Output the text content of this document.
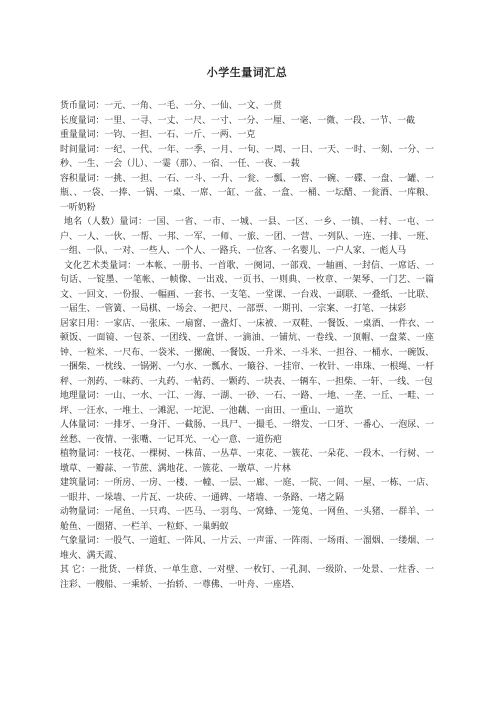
小学生量词汇总

货币量词：一元、一角、一毛、一分、一仙、一文、一贯

长度量词：一里、一寻、一丈、一尺、一寸、一分、一厘、一毫、一微、一段、一节、一截

重量量词：一钧、一担、一石、一斤、一两、一克

时间量词：一纪、一代、一年、一季、一月、一旬、一周、一日、一天、一时、一刻、一分、一秒、一生、一会（儿）、一霎（那）、一宿、一任、一夜、一载

容积量词：一挑、一担、一石、一斗、一升、一瓮、一瓢、一窖、一碗、一碟、一盘、一罐、一瓶、、一袋、一捧、一锅、一桌、一席、一缸、一盆、一盒、一桶、一坛醋、一瓮酒、一库粮、一听奶粉

地名（人数）量词：一国、一省、一市、一城、一县、一区、一乡、一镇、一村、一屯、一户、一人、一伙、一帮、一邦、一军、一师、一旅、一团、一营、一列队、一连、一排、一班、一组、一队、一对、一些人、一个人、一路兵、一位客、一名婴儿、一户人家、一彪人马

文化艺术类量词：一本帐、一册书、一首歌、一阕词、一部戏、一轴画、一封信、一席话、一句话、一锭墨、一笔帐、一帧像、一出戏、一页书、一则典、一枚章、一架琴、一门艺、一篇文、一回文、一份报、一幅画、一套书、一支笔、一堂课、一台戏、一副联、一叠纸、一比联、一届生、一管簧、一局棋、一场会、一把尺、一部票、一期刊、一宗案、一打笔、一抹彩

居家日用：一家店、一张床、一扇窗、一盏灯、一床被、一双鞋、一餐饭、一桌酒、一件衣、一顿饭、一面镜、一包茶、一团线、一盒饼、一滴油、一铺炕、一卷线、一顶帽、一盘菜、一座钟、一粒米、一尺布、一袋米、一摞碗、一餐饭、一升米、一斗米、一担谷、一桶水、一碗饭、一捆柴、一枕线、一锅粥、一勺水、一瓢水、一簸谷、一挂帘、一枚针、一串珠、一根绳、一杆秤、一剂药、一味药、一丸药、一帖药、一颗药、一块表、一辆车、一担柴、一轩、一线、一包

地理量词：一山、一水、一江、一海、一湖、一砂、一石、一路、一地、一垄、一丘、一畦、一坪、一汪水、一堆土、一滩泥、一坨泥、一池藕、一亩田、一重山、一道坎

人体量词：一排牙、一身汗、一截肠、一具尸、一撮毛、一绺发、一口牙、一番心、一泡尿、一丝愁、一夜情、一张嘴、一记耳光、一心一意、一道伤疤

植物量词：一枝花、一棵树、一株苗、一丛草、一束花、一簇花、一朵花、一段木、一行树、一墩草、一瓣蒜、一节蔗、满地花、一簇花、一墩草、一片林

建筑量词：一所房、一房、一楼、一幢、一层、一廊、一庭、一院、一间、一屋、一栋、一店、一眼井、一垛墙、一片瓦、一块砖、一通碑、一堵墙、一条路、一堵之隔

动物量词：一尾鱼、一只鸡、一匹马、一羽鸟、一窝蜂、一笼兔、一网鱼、一头猪、一群羊、一舱鱼、一圈猪、一栏羊、一粒虾、一巢蚂蚁

气象量词：一股气、一道虹、一阵风、一片云、一声雷、一阵雨、一场雨、一溜烟、一缕烟、一堆火、满天霞、

其 它：一批货、一样货、一单生意、一对壁、一枚钉、一孔洞、一级阶、一处景、一炷香、一注彩、一艘船、一乘轿、一抬轿、一尊佛、一叶舟、一座塔、
